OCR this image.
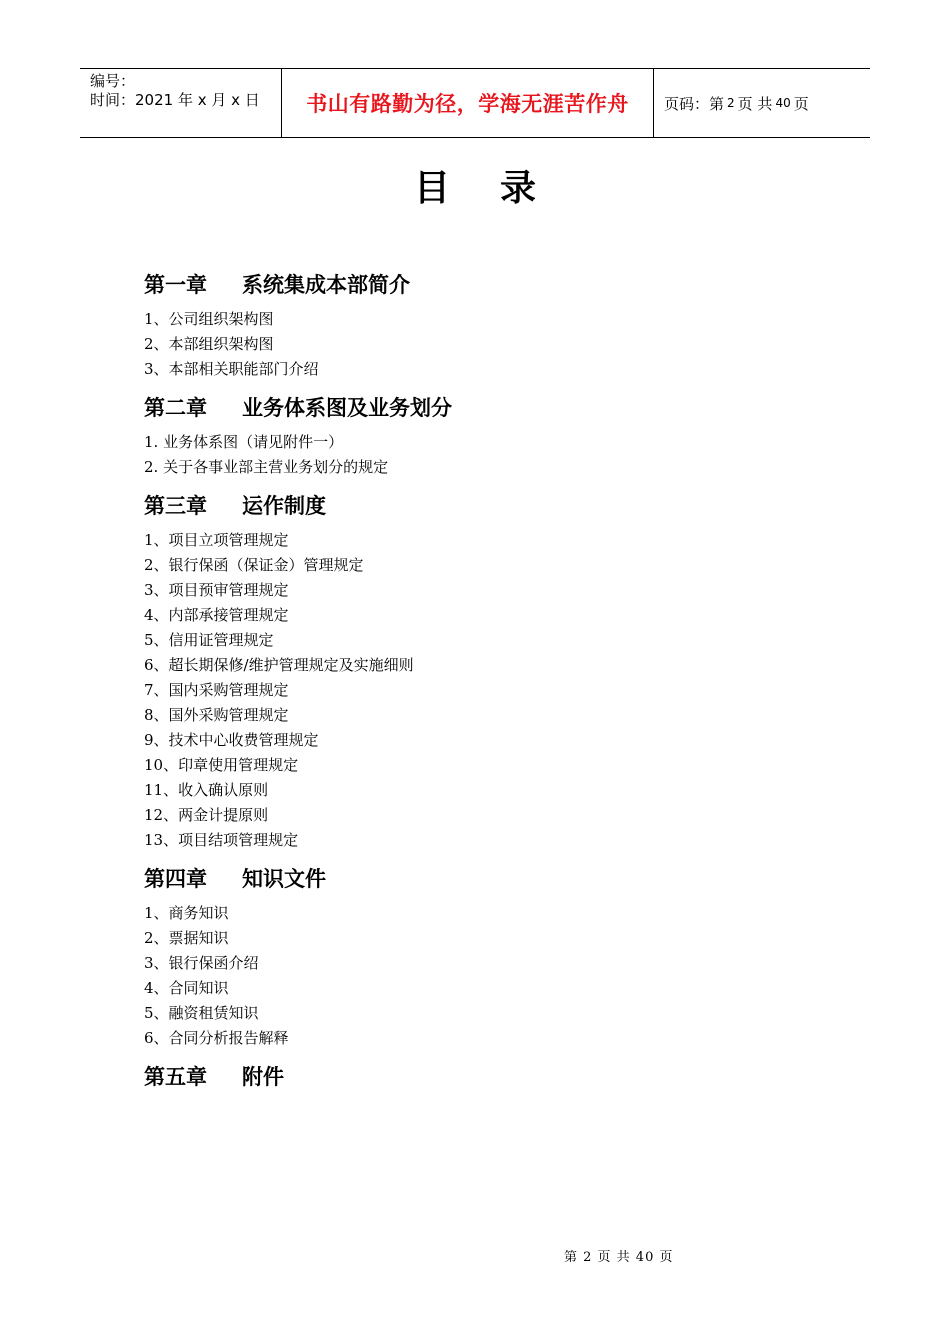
编号：
时间：2021 年 x 月 x 日	书山有路勤为径，学海无涯苦作舟	页码：第 2 页 共 40 页
目录
第一章 系统集成本部简介
1、公司组织架构图
2、本部组织架构图
3、本部相关职能部门介绍
第二章 业务体系图及业务划分
1. 业务体系图（请见附件一）
2. 关于各事业部主营业务划分的规定
第三章 运作制度
1、项目立项管理规定
2、银行保函（保证金）管理规定
3、项目预审管理规定
4、内部承接管理规定
5、信用证管理规定
6、超长期保修/维护管理规定及实施细则
7、国内采购管理规定
8、国外采购管理规定
9、技术中心收费管理规定
10、印章使用管理规定
11、收入确认原则
12、两金计提原则
13、项目结项管理规定
第四章 知识文件
1、商务知识
2、票据知识
3、银行保函介绍
4、合同知识
5、融资租赁知识
6、合同分析报告解释
第五章 附件
第 2 页 共 40 页
